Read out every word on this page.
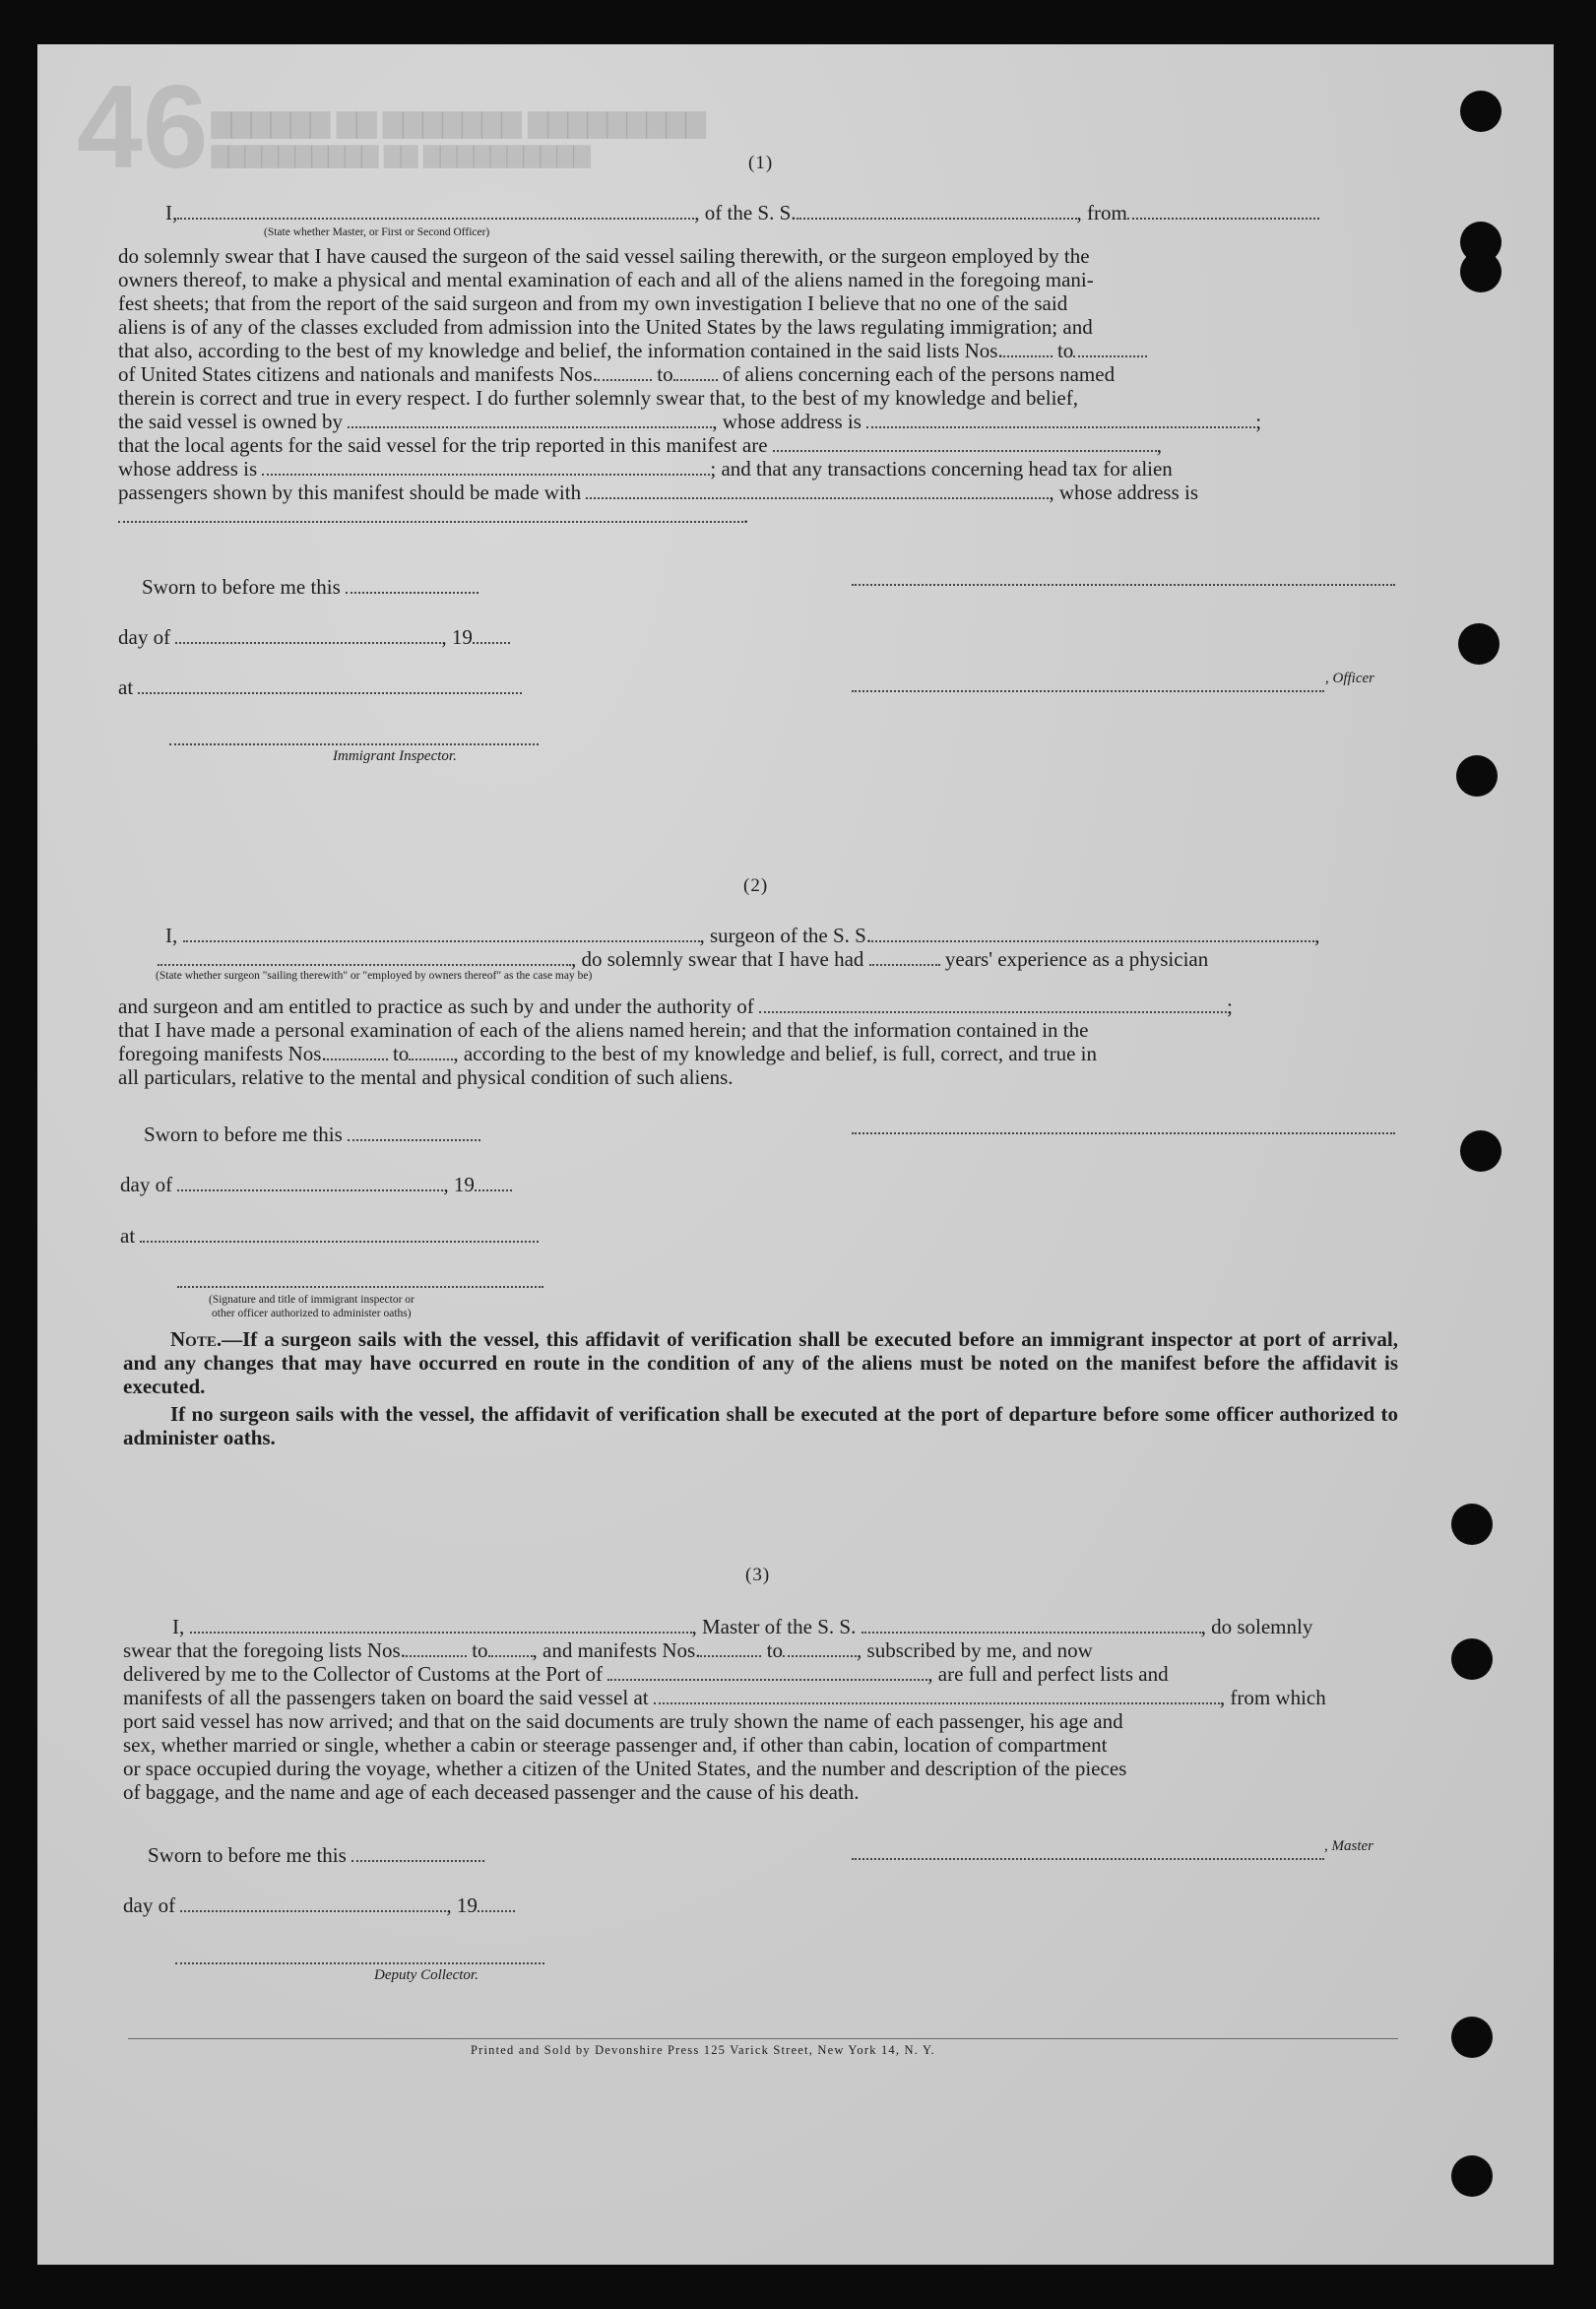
46 ▇▇▇▇▇▇ ▇▇ ▇▇▇▇▇▇▇ ▇▇▇▇▇▇▇▇▇
▇▇▇▇▇▇▇▇▇▇ ▇▇ ▇▇▇▇▇▇▇▇▇▇	(1)
I,	, of the S. S.	, from
(State whether Master, or First or Second Officer)
do solemnly swear that I have caused the surgeon of the said vessel sailing therewith, or the surgeon employed by the
owners thereof, to make a physical and mental examination of each and all of the aliens named in the foregoing mani-
fest sheets; that from the report of the said surgeon and from my own investigation I believe that no one of the said
aliens is of any of the classes excluded from admission into the United States by the laws regulating immigration; and
that also, according to the best of my knowledge and belief, the information contained in the said lists Nos.	to
of United States citizens and nationals and manifests Nos.	to of aliens concerning each of the persons named
therein is correct and true in every respect. I do further solemnly swear that, to the best of my knowledge and belief,
the said vessel is owned by	, whose address is	;
that the local agents for the said vessel for the trip reported in this manifest are	,
whose address is	; and that any transactions concerning head tax for alien
passengers shown by this manifest should be made with	, whose address is
.
Sworn to before me this
day of	, 19
at	, Officer
Immigrant Inspector.
(2)
I,	, surgeon of the S. S.	,
(State whether surgeon "sailing therewith" or "employed by owners thereof" as the case may be)
, do solemnly swear that I have had	years' experience as a physician
and surgeon and am entitled to practice as such by and under the authority of	;
that I have made a personal examination of each of the aliens named herein; and that the information contained in the
foregoing manifests Nos.	to , according to the best of my knowledge and belief, is full, correct, and true in
all particulars, relative to the mental and physical condition of such aliens.
Sworn to before me this
day of	, 19
at
(Signature and title of immigrant inspector or
other officer authorized to administer oaths)
Note.—If a surgeon sails with the vessel, this affidavit of verification shall be executed before an immigrant inspector at port of arrival, and any changes that may have occurred en route in the condition of any of the aliens must be noted on the manifest before the affidavit is executed.
If no surgeon sails with the vessel, the affidavit of verification shall be executed at the port of departure before some officer authorized to administer oaths.
(3)
I,	, Master of the S. S.	, do solemnly
swear that the foregoing lists Nos.	to , and manifests Nos.	to	, subscribed by me, and now
delivered by me to the Collector of Customs at the Port of	, are full and perfect lists and
manifests of all the passengers taken on board the said vessel at	, from which
port said vessel has now arrived; and that on the said documents are truly shown the name of each passenger, his age and
sex, whether married or single, whether a cabin or steerage passenger and, if other than cabin, location of compartment
or space occupied during the voyage, whether a citizen of the United States, and the number and description of the pieces
of baggage, and the name and age of each deceased passenger and the cause of his death.
Sworn to before me this	, Master
day of	, 19
Deputy Collector.
Printed and Sold by Devonshire Press 125 Varick Street, New York 14, N. Y.
